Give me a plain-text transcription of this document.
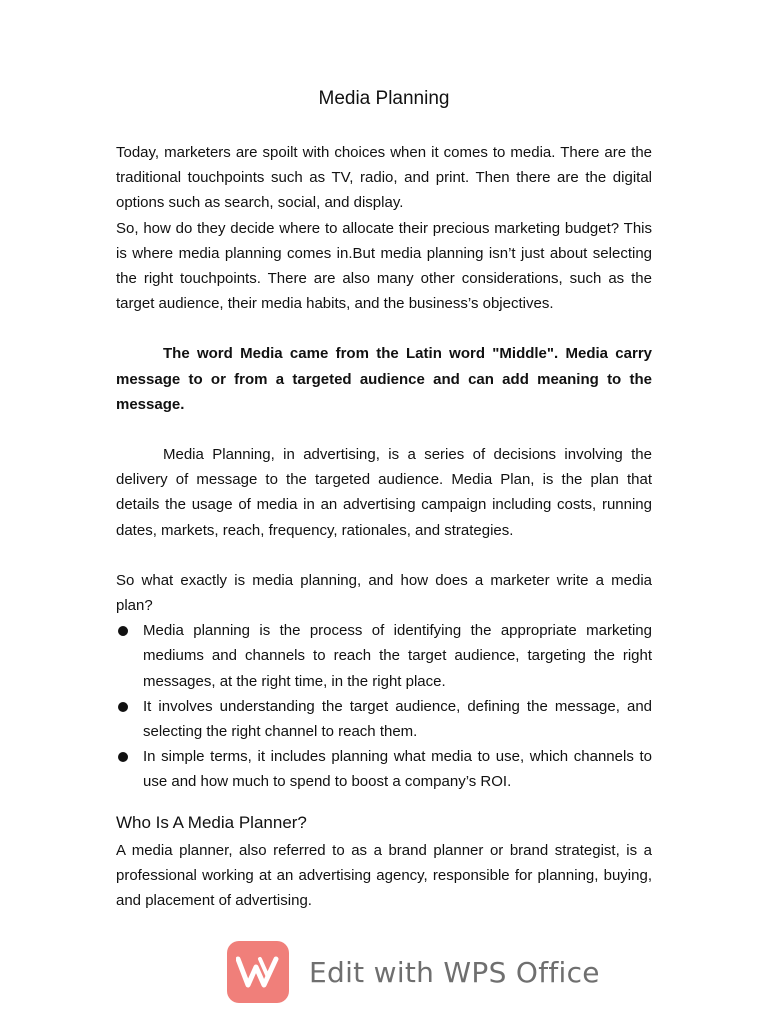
Media Planning

Today, marketers are spoilt with choices when it comes to media. There are the traditional touchpoints such as TV, radio, and print. Then there are the digital options such as search, social, and display.

So, how do they decide where to allocate their precious marketing budget? This is where media planning comes in.But media planning isn’t just about selecting the right touchpoints. There are also many other considerations, such as the target audience, their media habits, and the business’s objectives.

The word Media came from the Latin word "Middle". Media carry message to or from a targeted audience and can add meaning to the message.

Media Planning, in advertising, is a series of decisions involving the delivery of message to the targeted audience. Media Plan, is the plan that details the usage of media in an advertising campaign including costs, running dates, markets, reach, frequency, rationales, and strategies.

So what exactly is media planning, and how does a marketer write a media plan?

Media planning is the process of identifying the appropriate marketing mediums and channels to reach the target audience, targeting the right messages, at the right time, in the right place.
It involves understanding the target audience, defining the message, and selecting the right channel to reach them.
In simple terms, it includes planning what media to use, which channels to use and how much to spend to boost a company’s ROI.
Who Is A Media Planner?

A media planner, also referred to as a brand planner or brand strategist, is a professional working at an advertising agency, responsible for planning, buying, and placement of advertising.

Edit with WPS Office
